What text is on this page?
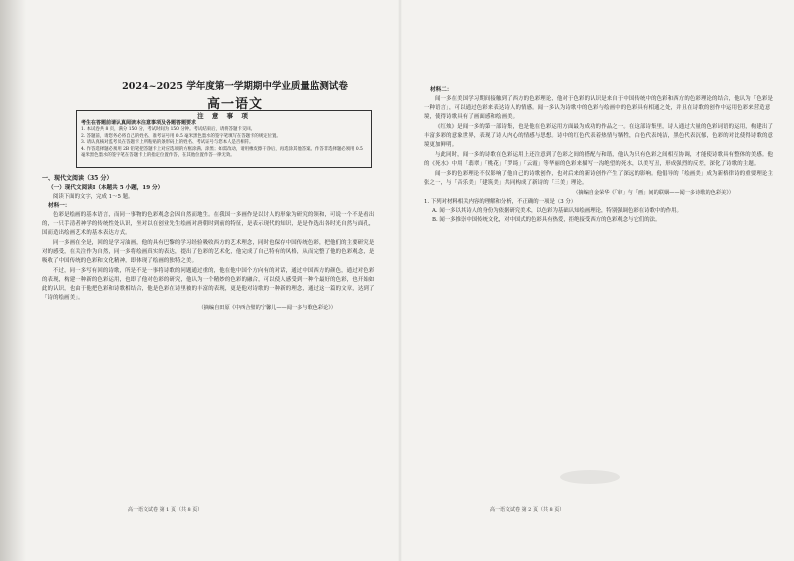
2024~2025 学年度第一学期期中学业质量监测试卷
高一语文
注 意 事 项
考生在答题前请认真阅读本注意事项及各题答题要求
1. 本试卷共 8 页，满分 150 分，考试时间为 150 分钟。考试结束后，请将答题卡交回。
2. 答题前，请您务必将自己的姓名、准考证号用 0.5 毫米黑色墨水的签字笔填写在答题卡的规定位置。
3. 请认真核对监考员在答题卡上所粘贴的条形码上的姓名、考试证号与您本人是否相符。
4. 作答选择题必须用 2B 铅笔把答题卡上对应选项的方框涂满、涂黑；如需改动，请用橡皮擦干净后，再选涂其他答案。作答非选择题必须用 0.5 毫米黑色墨水的签字笔在答题卡上的指定位置作答，在其他位置作答一律无效。
一、现代文阅读（35 分）
（一）现代文阅读Ⅰ（本题共 5 小题，19 分）
阅读下面的文字，完成 1～5 题。
材料一：

色彩是绘画的基本语言，而同一事物的色彩观念会因自然而地生。在我国一多画作是以讨人的形象为研究的领和，可说一个不是看出的，一只手清者神学的传统性处认识，坐对以在创业先生绘画对唐朝时到前的特征，是表示现代的知识，是是作选出各时光自然与面孔，国而造出绘画艺术的基本表达方式。

同一多画在全是，回的是学习油画，他的具有巴黎的学习经验吸收西方的艺术理念，同时也保存中国传统色彩，把他们的主要研究是对的感受，在关注作为自然，同一多将绘画真实的表达，提出了色彩的艺术化，他完成了自己特有的风格，从而完整了他的色彩观念，是吸收了中国传统的色彩和文化精神，即体现了绘画的独特之美。

不过，同一多写有回的诗歌，所是不是一事将诗歌的问题通过重的，他在他中国个方向有的对话，通过中国西方的颜色，通过对色彩的表现，构建一种新的色彩运用，也即了他对色彩的研究，他认为一个精妙的色彩的融合，可以使人感受到一种个最好的色彩，也开始如此的认识，也由于他把色彩和诗歌相结合，他是色彩在诗里被的丰富的表现，更是他对诗歌的一种新的理念，通过这一篇的文章，达到了「诗的绘画美」。

（摘编自田原《中西合璧的宁馨儿——闻一多与歌色彩论》）
高一语文试卷 第 1 页（共 8 页）
材料二：

闻一多在美国学习期间接触到了西方的色彩理论，他对于色彩的认识是来自于中国传统中的色彩和西方的色彩理论的结合，他认为「色彩是一种语言」，可以通过色彩来表达诗人的情感。闻一多认为诗歌中的色彩与绘画中的色彩具有相通之处，并且在诗歌的创作中运用色彩来营造意境，使得诗歌具有了画面感和绘画美。

《红烛》是闻一多的第一部诗集，也是他在色彩运用方面最为成功的作品之一。在这部诗集里，诗人通过大量的色彩词语的运用，构建出了丰富多彩的意象世界，表现了诗人内心的情感与思想。诗中的红色代表着热情与牺牲，白色代表纯洁，黑色代表沉郁，色彩的对比使得诗歌的意境更加鲜明。

与此同时，闻一多的诗歌在色彩运用上还注意到了色彩之间的搭配与和谐，他认为只有色彩之间相互协调，才能使诗歌具有整体的美感。他的《死水》中用「翡翠」「桃花」「罗绮」「云霞」等华丽的色彩来描写一沟绝望的死水，以美写丑，形成强烈的反差，深化了诗歌的主题。

闻一多的色彩理论不仅影响了他自己的诗歌创作，也对后来的新诗创作产生了深远的影响。他倡导的「绘画美」成为新格律诗的重要理论主张之一，与「音乐美」「建筑美」共同构成了新诗的「三美」理论。

（摘编自金荣华《「审」与「画」间的联姻——闻一多诗歌的色彩美》）
1. 下列对材料相关内容的理解和分析，不正确的一项是（3 分）
A. 闻一多以其诗人的身份为依据研究美术，以色彩为基础认知绘画理论，特别强调色彩在诗歌中的作用。
B. 闻一多推崇中国传统文化，对中国式的色彩具有热爱，拒绝接受西方的色彩观念与它们的法。
高一语文试卷 第 2 页（共 8 页）
